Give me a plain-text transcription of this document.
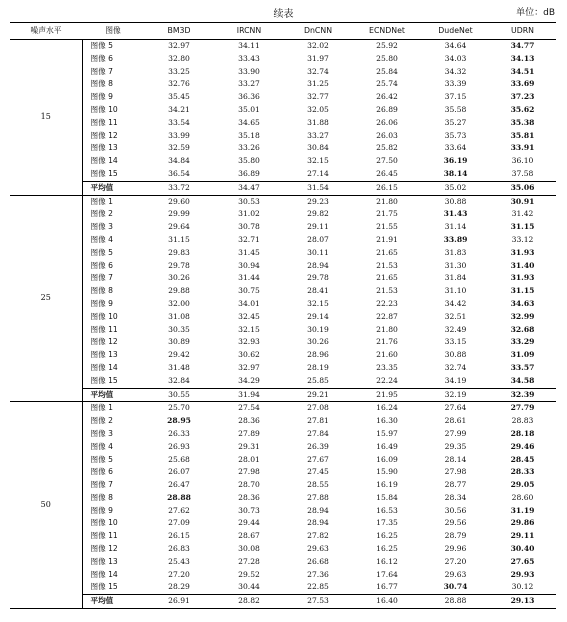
续表	单位：dB
噪声水平	图像	BM3D	IRCNN	DnCNN	ECNDNet	DudeNet	UDRN
15	图像 5	32.97	34.11	32.02	25.92	34.64	34.77
	图像 6	32.80	33.43	31.97	25.80	34.03	34.13
	图像 7	33.25	33.90	32.74	25.84	34.32	34.51
	图像 8	32.76	33.27	31.25	25.74	33.39	33.69
	图像 9	35.45	36.36	32.77	26.42	37.15	37.23
	图像 10	34.21	35.01	32.05	26.89	35.58	35.62
	图像 11	33.54	34.65	31.88	26.06	35.27	35.38
	图像 12	33.99	35.18	33.27	26.03	35.73	35.81
	图像 13	32.59	33.26	30.84	25.82	33.64	33.91
	图像 14	34.84	35.80	32.15	27.50	36.19	36.10
	图像 15	36.54	36.89	27.14	26.45	38.14	37.58
	平均值	33.72	34.47	31.54	26.15	35.02	35.06
25	图像 1	29.60	30.53	29.23	21.80	30.88	30.91
	图像 2	29.99	31.02	29.82	21.75	31.43	31.42
	图像 3	29.64	30.78	29.11	21.55	31.14	31.15
	图像 4	31.15	32.71	28.07	21.91	33.89	33.12
	图像 5	29.83	31.45	30.11	21.65	31.83	31.93
	图像 6	29.78	30.94	28.94	21.53	31.30	31.40
	图像 7	30.26	31.44	29.78	21.65	31.84	31.93
	图像 8	29.88	30.75	28.41	21.53	31.10	31.15
	图像 9	32.00	34.01	32.15	22.23	34.42	34.63
	图像 10	31.08	32.45	29.14	22.87	32.51	32.99
	图像 11	30.35	32.15	30.19	21.80	32.49	32.68
	图像 12	30.89	32.93	30.26	21.76	33.15	33.29
	图像 13	29.42	30.62	28.96	21.60	30.88	31.09
	图像 14	31.48	32.97	28.19	23.35	32.74	33.57
	图像 15	32.84	34.29	25.85	22.24	34.19	34.58
	平均值	30.55	31.94	29.21	21.95	32.19	32.39
50	图像 1	25.70	27.54	27.08	16.24	27.64	27.79
	图像 2	28.95	28.36	27.81	16.30	28.61	28.83
	图像 3	26.33	27.89	27.84	15.97	27.99	28.18
	图像 4	26.93	29.31	26.39	16.49	29.35	29.46
	图像 5	25.68	28.01	27.67	16.09	28.14	28.45
	图像 6	26.07	27.98	27.45	15.90	27.98	28.33
	图像 7	26.47	28.70	28.55	16.19	28.77	29.05
	图像 8	28.88	28.36	27.88	15.84	28.34	28.60
	图像 9	27.62	30.73	28.94	16.53	30.56	31.19
	图像 10	27.09	29.44	28.94	17.35	29.56	29.86
	图像 11	26.15	28.67	27.82	16.25	28.79	29.11
	图像 12	26.83	30.08	29.63	16.25	29.96	30.40
	图像 13	25.43	27.28	26.68	16.12	27.20	27.65
	图像 14	27.20	29.52	27.36	17.64	29.63	29.93
	图像 15	28.29	30.44	22.85	16.77	30.74	30.12
	平均值	26.91	28.82	27.53	16.40	28.88	29.13
